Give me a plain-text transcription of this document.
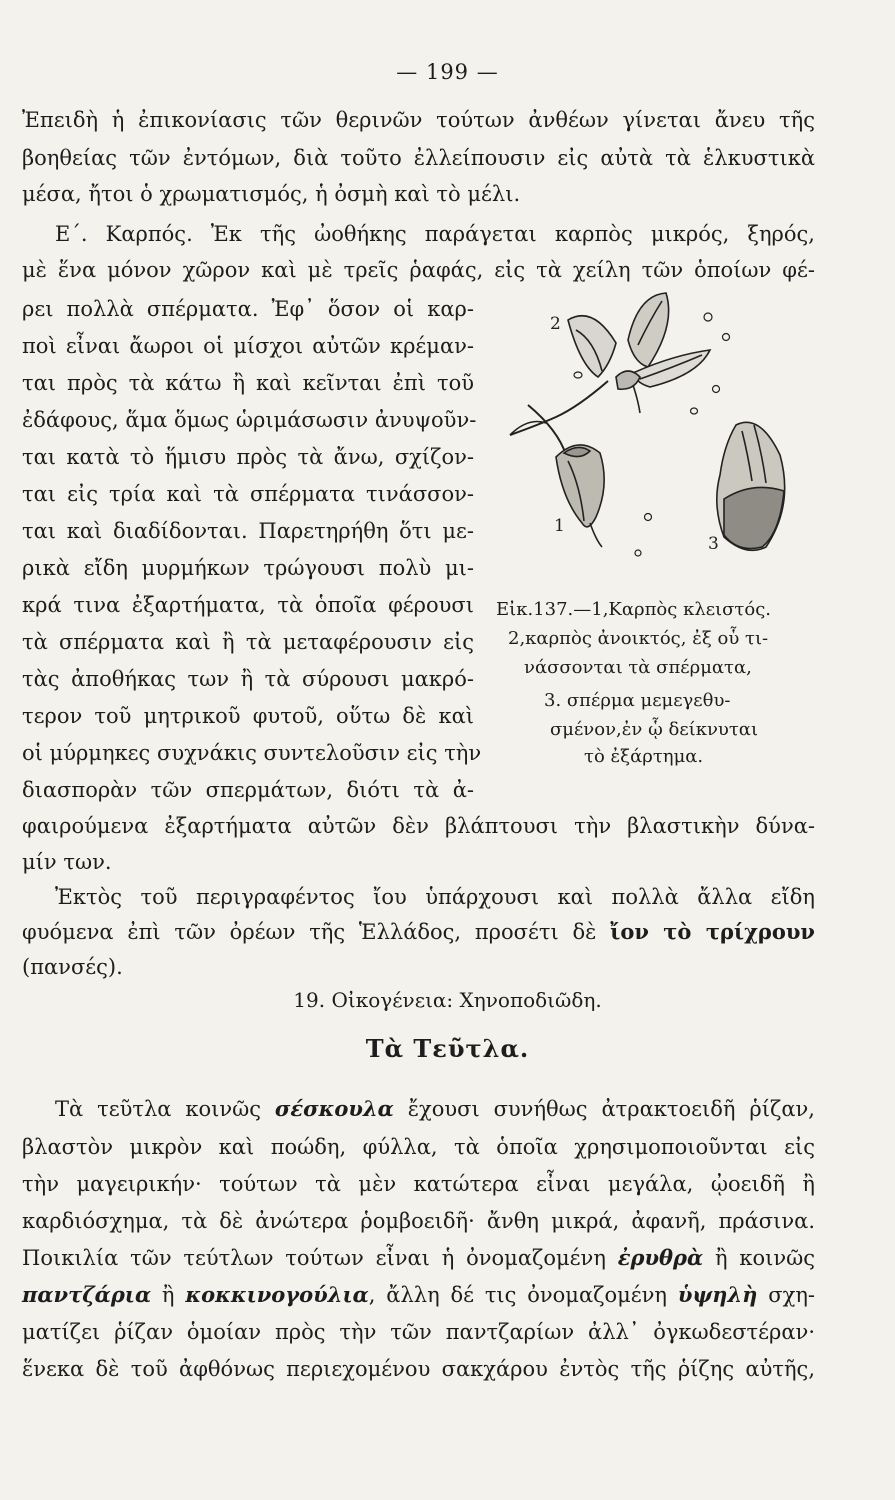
— 199 —
Ἐπειδὴ ἡ ἐπικονίασις τῶν θερινῶν τούτων ἀνθέων γίνεται ἄνευ τῆς
βοηθείας τῶν ἐντόμων, διὰ τοῦτο ἐλλείπουσιν εἰς αὐτὰ τὰ ἑλκυστικὰ
μέσα, ἤτοι ὁ χρωματισμός, ἡ ὀσμὴ καὶ τὸ μέλι.
Ε΄. Καρπός. Ἐκ τῆς ὠοθήκης παράγεται καρπὸς μικρός, ξηρός,
μὲ ἕνα μόνον χῶρον καὶ μὲ τρεῖς ῥαφάς, εἰς τὰ χείλη τῶν ὁποίων φέ-
ρει πολλὰ σπέρματα. Ἐφ᾽ ὅσον οἱ καρ-
ποὶ εἶναι ἄωροι οἱ μίσχοι αὐτῶν κρέμαν-
ται πρὸς τὰ κάτω ἢ καὶ κεῖνται ἐπὶ τοῦ
ἐδάφους, ἅμα ὅμως ὡριμάσωσιν ἀνυψοῦν-
ται κατὰ τὸ ἥμισυ πρὸς τὰ ἄνω, σχίζον-
ται εἰς τρία καὶ τὰ σπέρματα τινάσσον-
ται καὶ διαδίδονται. Παρετηρήθη ὅτι με-
ρικὰ εἴδη μυρμήκων τρώγουσι πολὺ μι-
κρά τινα ἐξαρτήματα, τὰ ὁποῖα φέρουσι
τὰ σπέρματα καὶ ἢ τὰ μεταφέρουσιν εἰς
τὰς ἀποθήκας των ἢ τὰ σύρουσι μακρό-
τερον τοῦ μητρικοῦ φυτοῦ, οὕτω δὲ καὶ
οἱ μύρμηκες συχνάκις συντελοῦσιν εἰς τὴν
διασπορὰν τῶν σπερμάτων, διότι τὰ ἀ-
2
1
3
Εἰκ.137.—1,Καρπὸς κλειστός.
2,καρπὸς ἀνοικτός, ἐξ οὗ τι-
νάσσονται τὰ σπέρματα,
3. σπέρμα μεμεγεθυ-
σμένον,ἐν ᾧ δείκνυται
τὸ ἐξάρτημα.
φαιρούμενα ἐξαρτήματα αὐτῶν δὲν βλάπτουσι τὴν βλαστικὴν δύνα-
μίν των.
Ἐκτὸς τοῦ περιγραφέντος ἴου ὑπάρχουσι καὶ πολλὰ ἄλλα εἴδη
φυόμενα ἐπὶ τῶν ὀρέων τῆς Ἑλλάδος, προσέτι δὲ ἴον τὸ τρίχρουν
(πανσές).
19. Οἰκογένεια: Χηνοποδιῶδη.
Τὰ Τεῦτλα.
Τὰ τεῦτλα κοινῶς σέσκουλα ἔχουσι συνήθως ἀτρακτοειδῆ ῥίζαν,
βλαστὸν μικρὸν καὶ ποώδη, φύλλα, τὰ ὁποῖα χρησιμοποιοῦνται εἰς
τὴν μαγειρικήν· τούτων τὰ μὲν κατώτερα εἶναι μεγάλα, ᾠοειδῆ ἢ
καρδιόσχημα, τὰ δὲ ἀνώτερα ῥομβοειδῆ· ἄνθη μικρά, ἀφανῆ, πράσινα.
Ποικιλία τῶν τεύτλων τούτων εἶναι ἡ ὀνομαζομένη ἐρυθρὰ ἢ κοινῶς
παντζάρια ἢ κοκκινογούλια, ἄλλη δέ τις ὀνομαζομένη ὑψηλὴ σχη-
ματίζει ῥίζαν ὁμοίαν πρὸς τὴν τῶν παντζαρίων ἀλλ᾽ ὀγκωδεστέραν·
ἕνεκα δὲ τοῦ ἀφθόνως περιεχομένου σακχάρου ἐντὸς τῆς ῥίζης αὐτῆς,
